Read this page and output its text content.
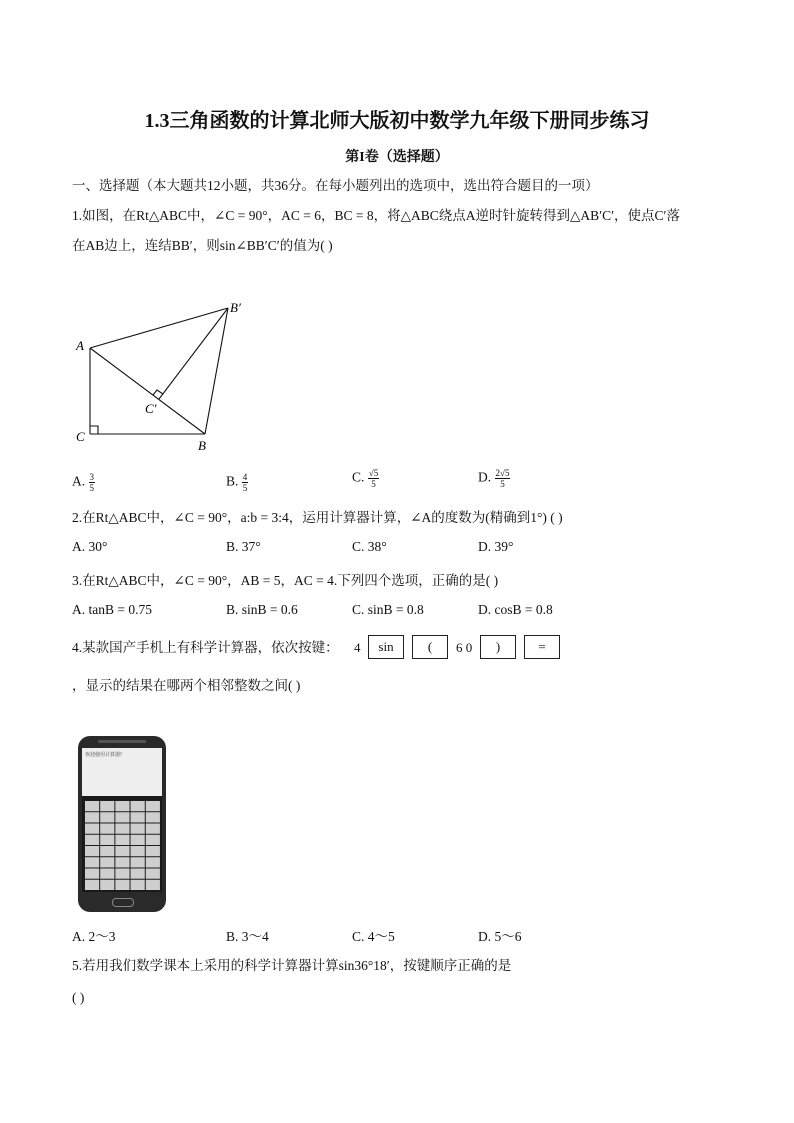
1.3三角函数的计算北师大版初中数学九年级下册同步练习
第I卷（选择题）
一、选择题（本大题共12小题，共36分。在每小题列出的选项中，选出符合题目的一项）
1.如图，在Rt△ABC中，∠C = 90°，AC = 6，BC = 8，将△ABC绕点A逆时针旋转得到△AB′C′，使点C′落
在AB边上，连结BB′，则sin∠BB′C′的值为( )
A
C
B
B′
C′
A. $\frac{3}{5}$	B. $\frac{4}{5}$	C. $\frac{√5}{5}$	D. $\frac{2√5}{5}$
2.在Rt△ABC中，∠C = 90°，a:b = 3:4，运用计算器计算，∠A的度数为(精确到1°) ( )
A. 30°	B. 37°	C. 38°	D. 39°
3.在Rt△ABC中，∠C = 90°，AB = 5，AC = 4.下列四个选项，正确的是( )
A. tanB = 0.75	B. sinB = 0.6	C. sinB = 0.8	D. cosB = 0.8
4.某款国产手机上有科学计算器，依次按键： 4	sin	(	6 0	)	=
，显示的结果在哪两个相邻整数之间( )
欢迎使用计算器!
A. 2～3	B. 3～4	C. 4～5	D. 5～6
5.若用我们数学课本上采用的科学计算器计算sin36°18′，按键顺序正确的是
( )
